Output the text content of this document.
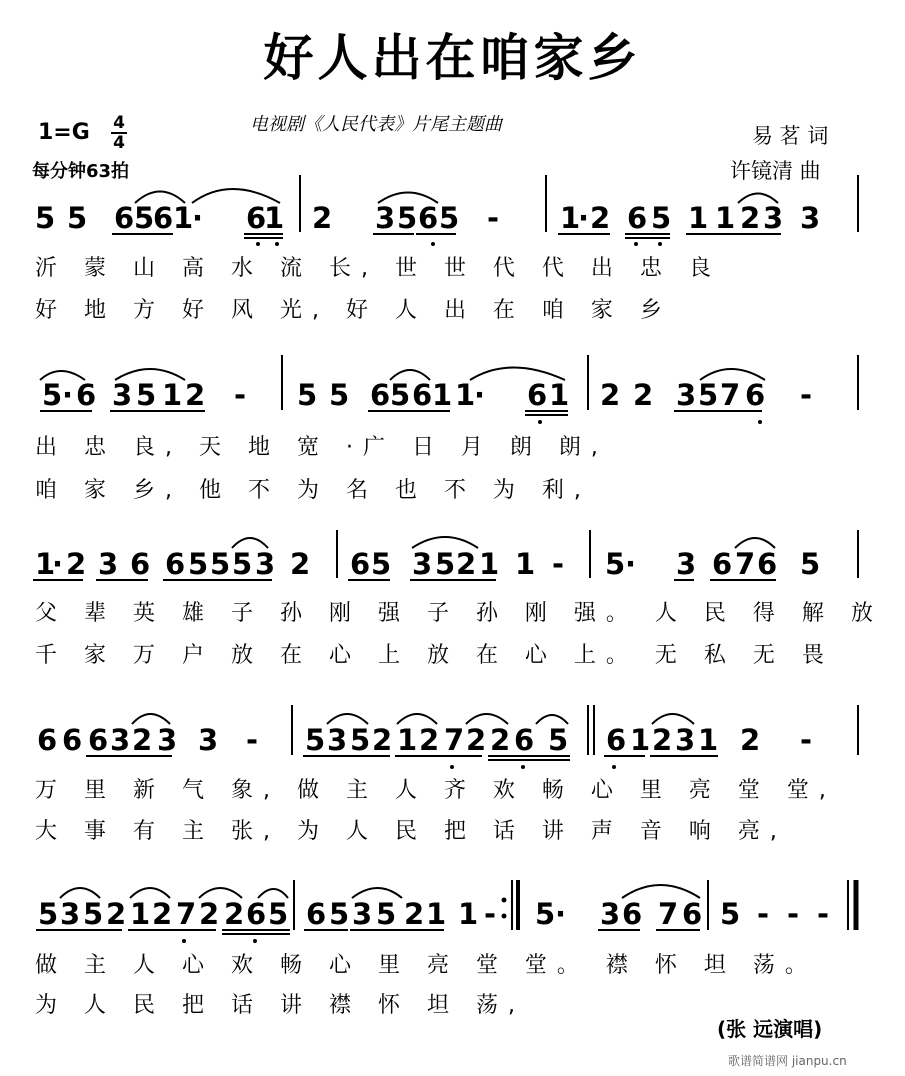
好人出在咱家乡
电视剧《人民代表》片尾主题曲
1=G 4
4
每分钟63拍
易 茗 词
许镜清 曲
5 5 6 5
6 1
· 6
1 2 3 5 6 5 - 1
· 2 6 5 1 1 2 3 3
沂 蒙 山 高 水 流 长, 世 世 代 代 出 忠 良
好 地 方 好 风 光, 好 人 出 在 咱 家 乡
5 · 6 3 5 1 2 - 5 5 6 5 6 1 1
· 6 1 2 2 3 5 7 6 -
出 忠 良, 天 地 宽 ·广 日 月 朗 朗,
咱 家 乡, 他 不 为 名 也 不 为 利,
1
· 2 3 6 6 5 5 5 3 2 6 5 3 5 2 1 1 - 5 · 3 6 7 6 5
父 辈 英 雄 子 孙 刚 强 子 孙 刚 强。 人 民 得 解 放
千 家 万 户 放 在 心 上 放 在 心 上。 无 私 无 畏
6 6 6 3 2 3 3 - 5 3 5 2 1 2 7 2 2 6 5 6 1 2 3 1 2 -
万 里 新 气 象, 做 主 人 齐 欢 畅 心 里 亮 堂 堂,
大 事 有 主 张, 为 人 民 把 话 讲 声 音 响 亮,
5 3 5 2 1 2 7 2 2 6 5 6 5 3 5 2 1 1 - 5 · 3 6 7 6 5 - - -
做 主 人 心 欢 畅 心 里 亮 堂 堂。 襟 怀 坦 荡。
为 人 民 把 话 讲 襟 怀 坦 荡,
(张 远演唱)
歌谱简谱网 jianpu.cn
